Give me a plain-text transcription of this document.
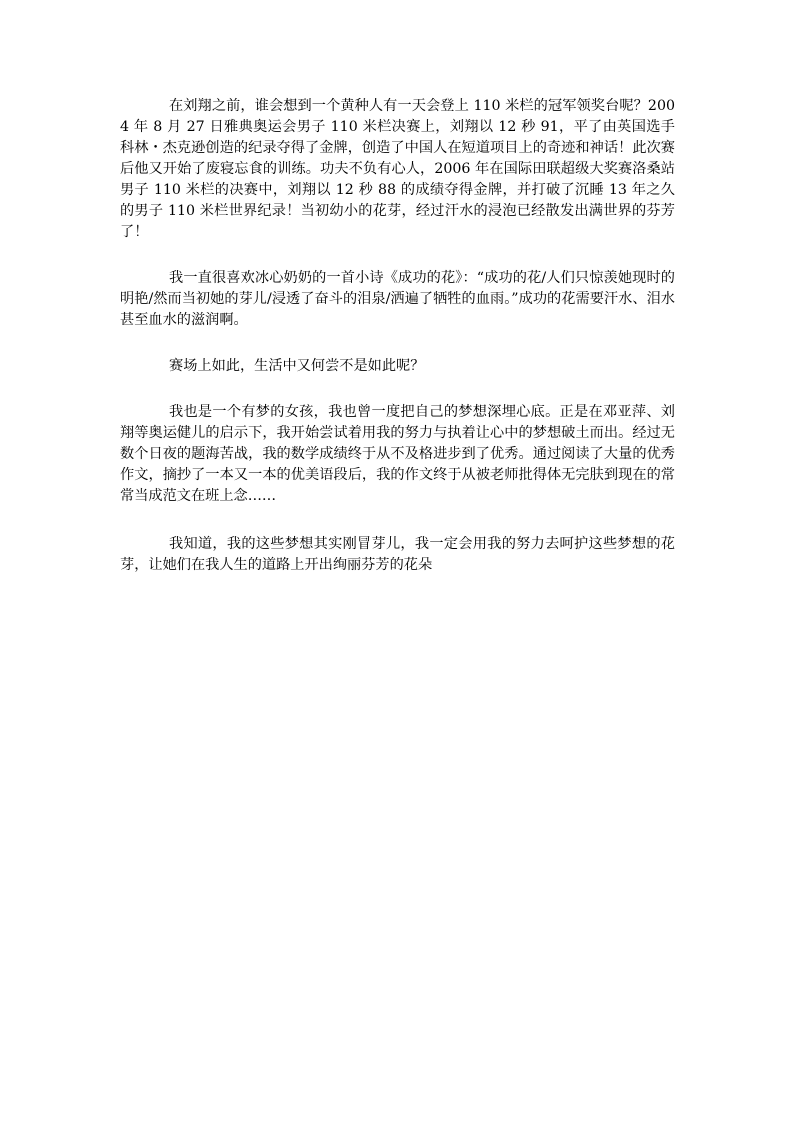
在刘翔之前，谁会想到一个黄种人有一天会登上 110 米栏的冠军领奖台呢？2004 年 8 月 27 日雅典奥运会男子 110 米栏决赛上，刘翔以 12 秒 91，平了由英国选手科林・杰克逊创造的纪录夺得了金牌，创造了中国人在短道项目上的奇迹和神话！此次赛后他又开始了废寝忘食的训练。功夫不负有心人，2006 年在国际田联超级大奖赛洛桑站男子 110 米栏的决赛中，刘翔以 12 秒 88 的成绩夺得金牌，并打破了沉睡 13 年之久的男子 110 米栏世界纪录！当初幼小的花芽，经过汗水的浸泡已经散发出满世界的芬芳了！

我一直很喜欢冰心奶奶的一首小诗《成功的花》：“成功的花/人们只惊羡她现时的明艳/然而当初她的芽儿/浸透了奋斗的泪泉/洒遍了牺牲的血雨。”成功的花需要汗水、泪水甚至血水的滋润啊。

赛场上如此，生活中又何尝不是如此呢？

我也是一个有梦的女孩，我也曾一度把自己的梦想深埋心底。正是在邓亚萍、刘翔等奥运健儿的启示下，我开始尝试着用我的努力与执着让心中的梦想破土而出。经过无数个日夜的题海苦战，我的数学成绩终于从不及格进步到了优秀。通过阅读了大量的优秀作文，摘抄了一本又一本的优美语段后，我的作文终于从被老师批得体无完肤到现在的常常当成范文在班上念……

我知道，我的这些梦想其实刚冒芽儿，我一定会用我的努力去呵护这些梦想的花芽，让她们在我人生的道路上开出绚丽芬芳的花朵
